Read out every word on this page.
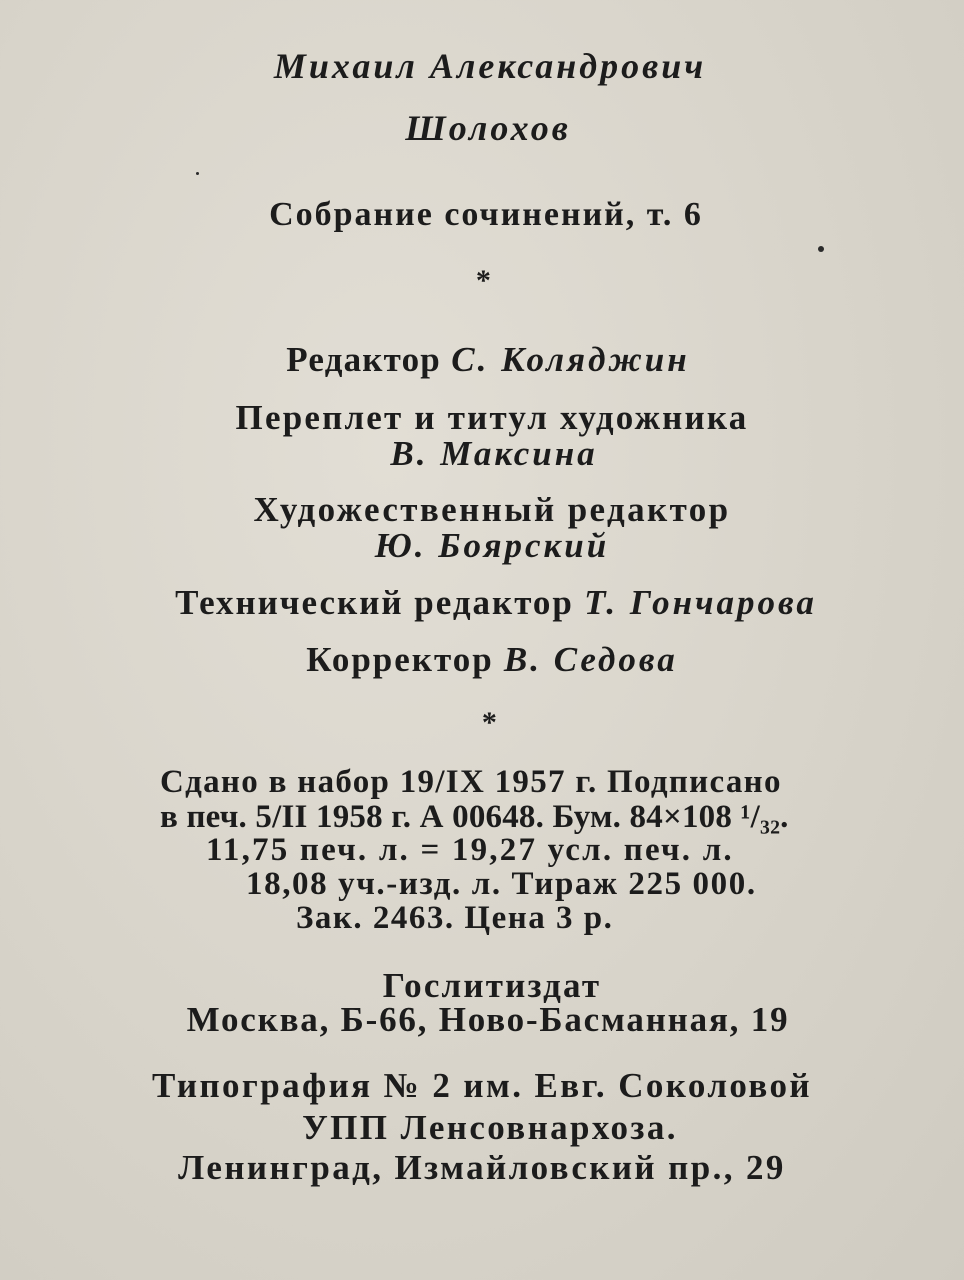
Михаил Александрович
Шолохов
Собрание сочинений, т. 6
*
Редактор С. Коляджин
Переплет и титул художника
В. Максина
Художественный редактор
Ю. Боярский
Технический редактор Т. Гончарова
Корректор В. Седова
*
Сдано в набор 19/IX 1957 г. Подписано
в печ. 5/II 1958 г. А 00648. Бум. 84×108 ¹/₃₂.
11,75 печ. л. = 19,27 усл. печ. л.
18,08 уч.-изд. л. Тираж 225 000.
Зак. 2463. Цена 3 р.
Гослитиздат
Москва, Б-66, Ново-Басманная, 19
Типография № 2 им. Евг. Соколовой
УПП Ленсовнархоза.
Ленинград, Измайловский пр., 29
